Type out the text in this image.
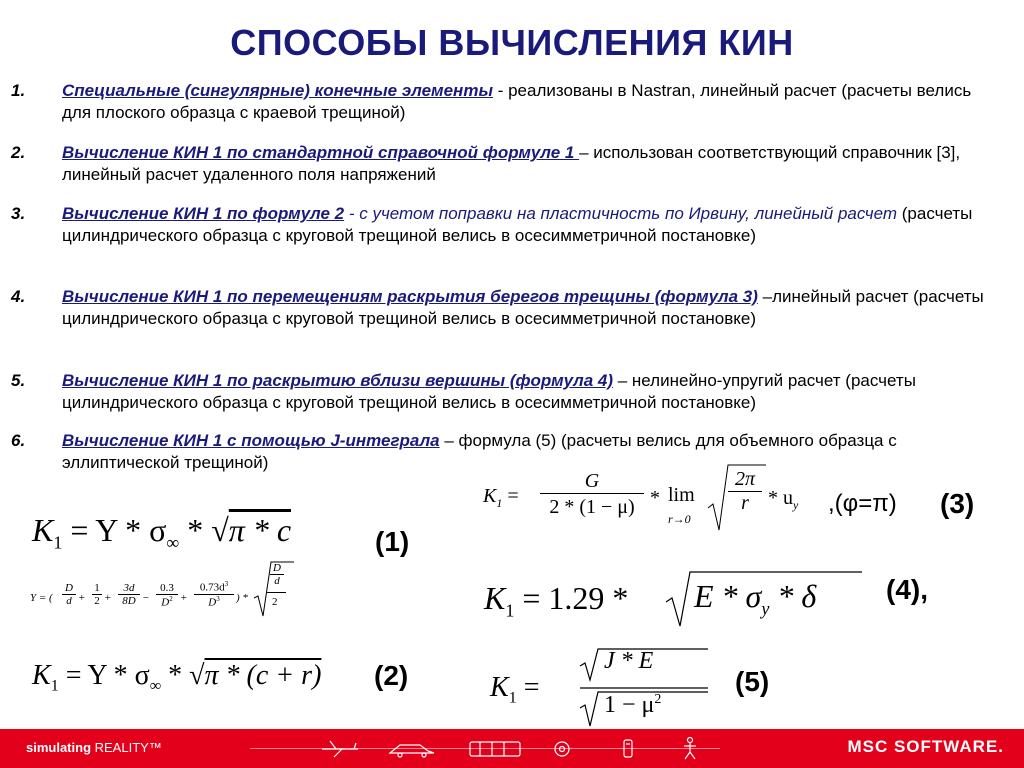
СПОСОБЫ ВЫЧИСЛЕНИЯ КИН
1. Специальные (сингулярные) конечные элементы - реализованы в Nastran, линейный расчет (расчеты велись для плоского образца с краевой трещиной)
2. Вычисление КИН 1 по стандартной справочной формуле 1 – использован соответствующий справочник [3], линейный расчет удаленного поля напряжений
3. Вычисление КИН 1 по формуле 2 - с учетом поправки на пластичность по Ирвину, линейный расчет (расчеты цилиндрического образца с круговой трещиной велись в осесимметричной постановке)
4. Вычисление КИН 1 по перемещениям раскрытия берегов трещины (формула 3) –линейный расчет (расчеты цилиндрического образца с круговой трещиной велись в осесимметричной постановке)
5. Вычисление КИН 1 по раскрытию вблизи вершины (формула 4) – нелинейно-упругий расчет (расчеты цилиндрического образца с круговой трещиной велись в осесимметричной постановке)
6. Вычисление КИН 1 с помощью J-интеграла – формула (5) (расчеты велись для объемного образца с эллиптической трещиной)
$K_1 = Y * \sigma_\infty * √\pi * c$	(1)
Y = (
D
d +
1
2 +
3d
8D −
0.3
$D^2$ +
$0.73d^3$
$D^3$	) *
D
d
2
$K_1 = Y * \sigma_\infty * √\pi * (c + r)$ (2)
$K_1$ =
G
2 * (1 − μ) * lim
r→0
2π
r * $u_y$ ,(φ=π) (3)
$K_1 = 1.29 * E * \sigma_y * \delta$ (4),
$K_1$ =
J * E
$1 - \mu^2$
(5)
simulating REALITY™	MSC SOFTWARE.
